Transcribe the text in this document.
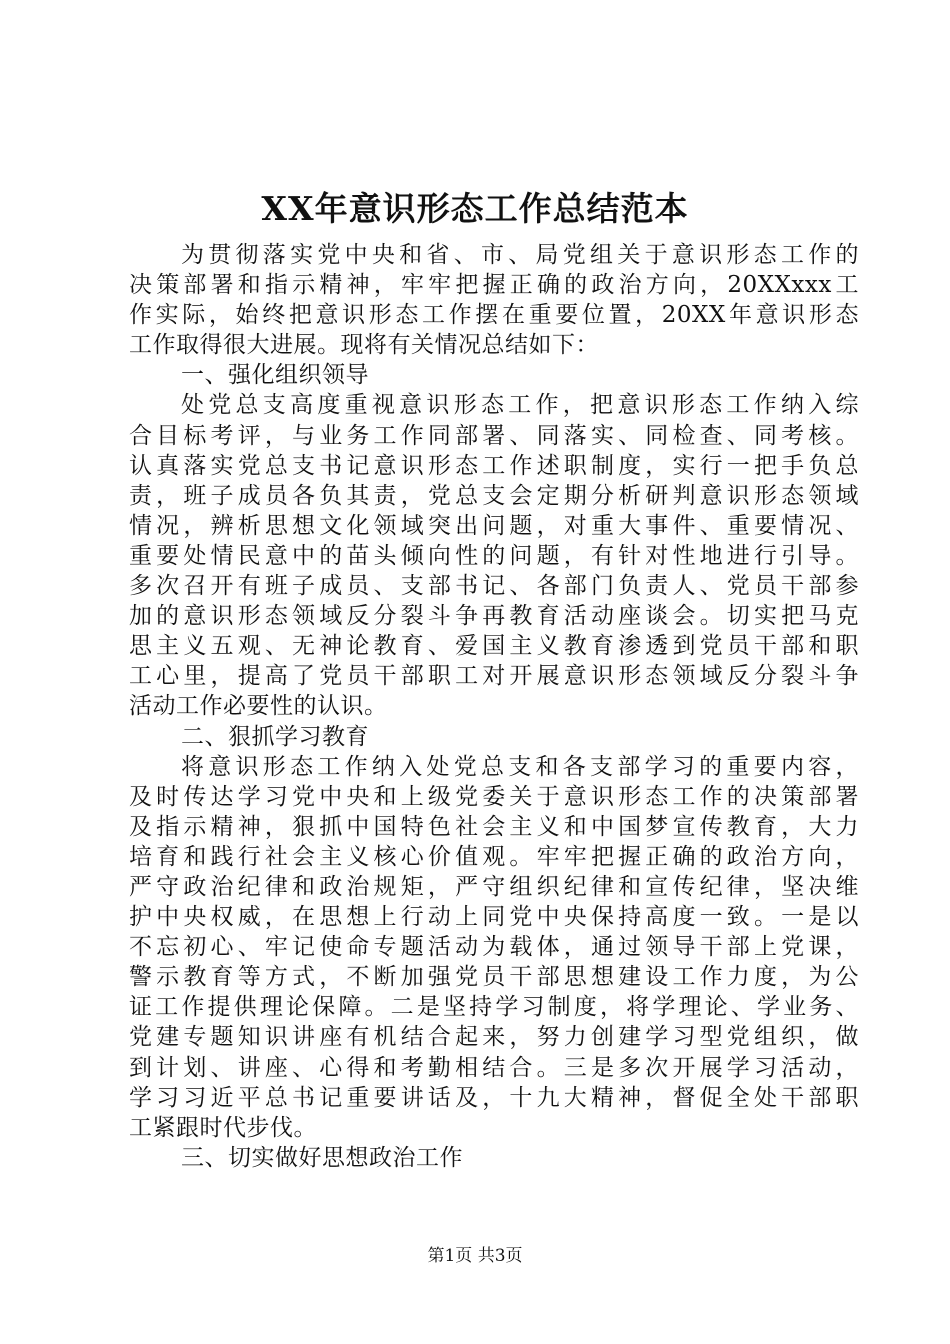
XX年意识形态工作总结范本
为贯彻落实党中央和省、市、局党组关于意识形态工作的
决策部署和指示精神，牢牢把握正确的政治方向，20XXxxx工
作实际，始终把意识形态工作摆在重要位置，20XX年意识形态
工作取得很大进展。现将有关情况总结如下：
一、强化组织领导
处党总支高度重视意识形态工作，把意识形态工作纳入综
合目标考评，与业务工作同部署、同落实、同检查、同考核。
认真落实党总支书记意识形态工作述职制度，实行一把手负总
责，班子成员各负其责，党总支会定期分析研判意识形态领域
情况，辨析思想文化领域突出问题，对重大事件、重要情况、
重要处情民意中的苗头倾向性的问题，有针对性地进行引导。
多次召开有班子成员、支部书记、各部门负责人、党员干部参
加的意识形态领域反分裂斗争再教育活动座谈会。切实把马克
思主义五观、无神论教育、爱国主义教育渗透到党员干部和职
工心里，提高了党员干部职工对开展意识形态领域反分裂斗争
活动工作必要性的认识。
二、狠抓学习教育
将意识形态工作纳入处党总支和各支部学习的重要内容，
及时传达学习党中央和上级党委关于意识形态工作的决策部署
及指示精神，狠抓中国特色社会主义和中国梦宣传教育，大力
培育和践行社会主义核心价值观。牢牢把握正确的政治方向，
严守政治纪律和政治规矩，严守组织纪律和宣传纪律，坚决维
护中央权威，在思想上行动上同党中央保持高度一致。一是以
不忘初心、牢记使命专题活动为载体，通过领导干部上党课，
警示教育等方式，不断加强党员干部思想建设工作力度，为公
证工作提供理论保障。二是坚持学习制度，将学理论、学业务、
党建专题知识讲座有机结合起来，努力创建学习型党组织，做
到计划、讲座、心得和考勤相结合。三是多次开展学习活动，
学习习近平总书记重要讲话及，十九大精神，督促全处干部职
工紧跟时代步伐。
三、切实做好思想政治工作
第1页 共3页
